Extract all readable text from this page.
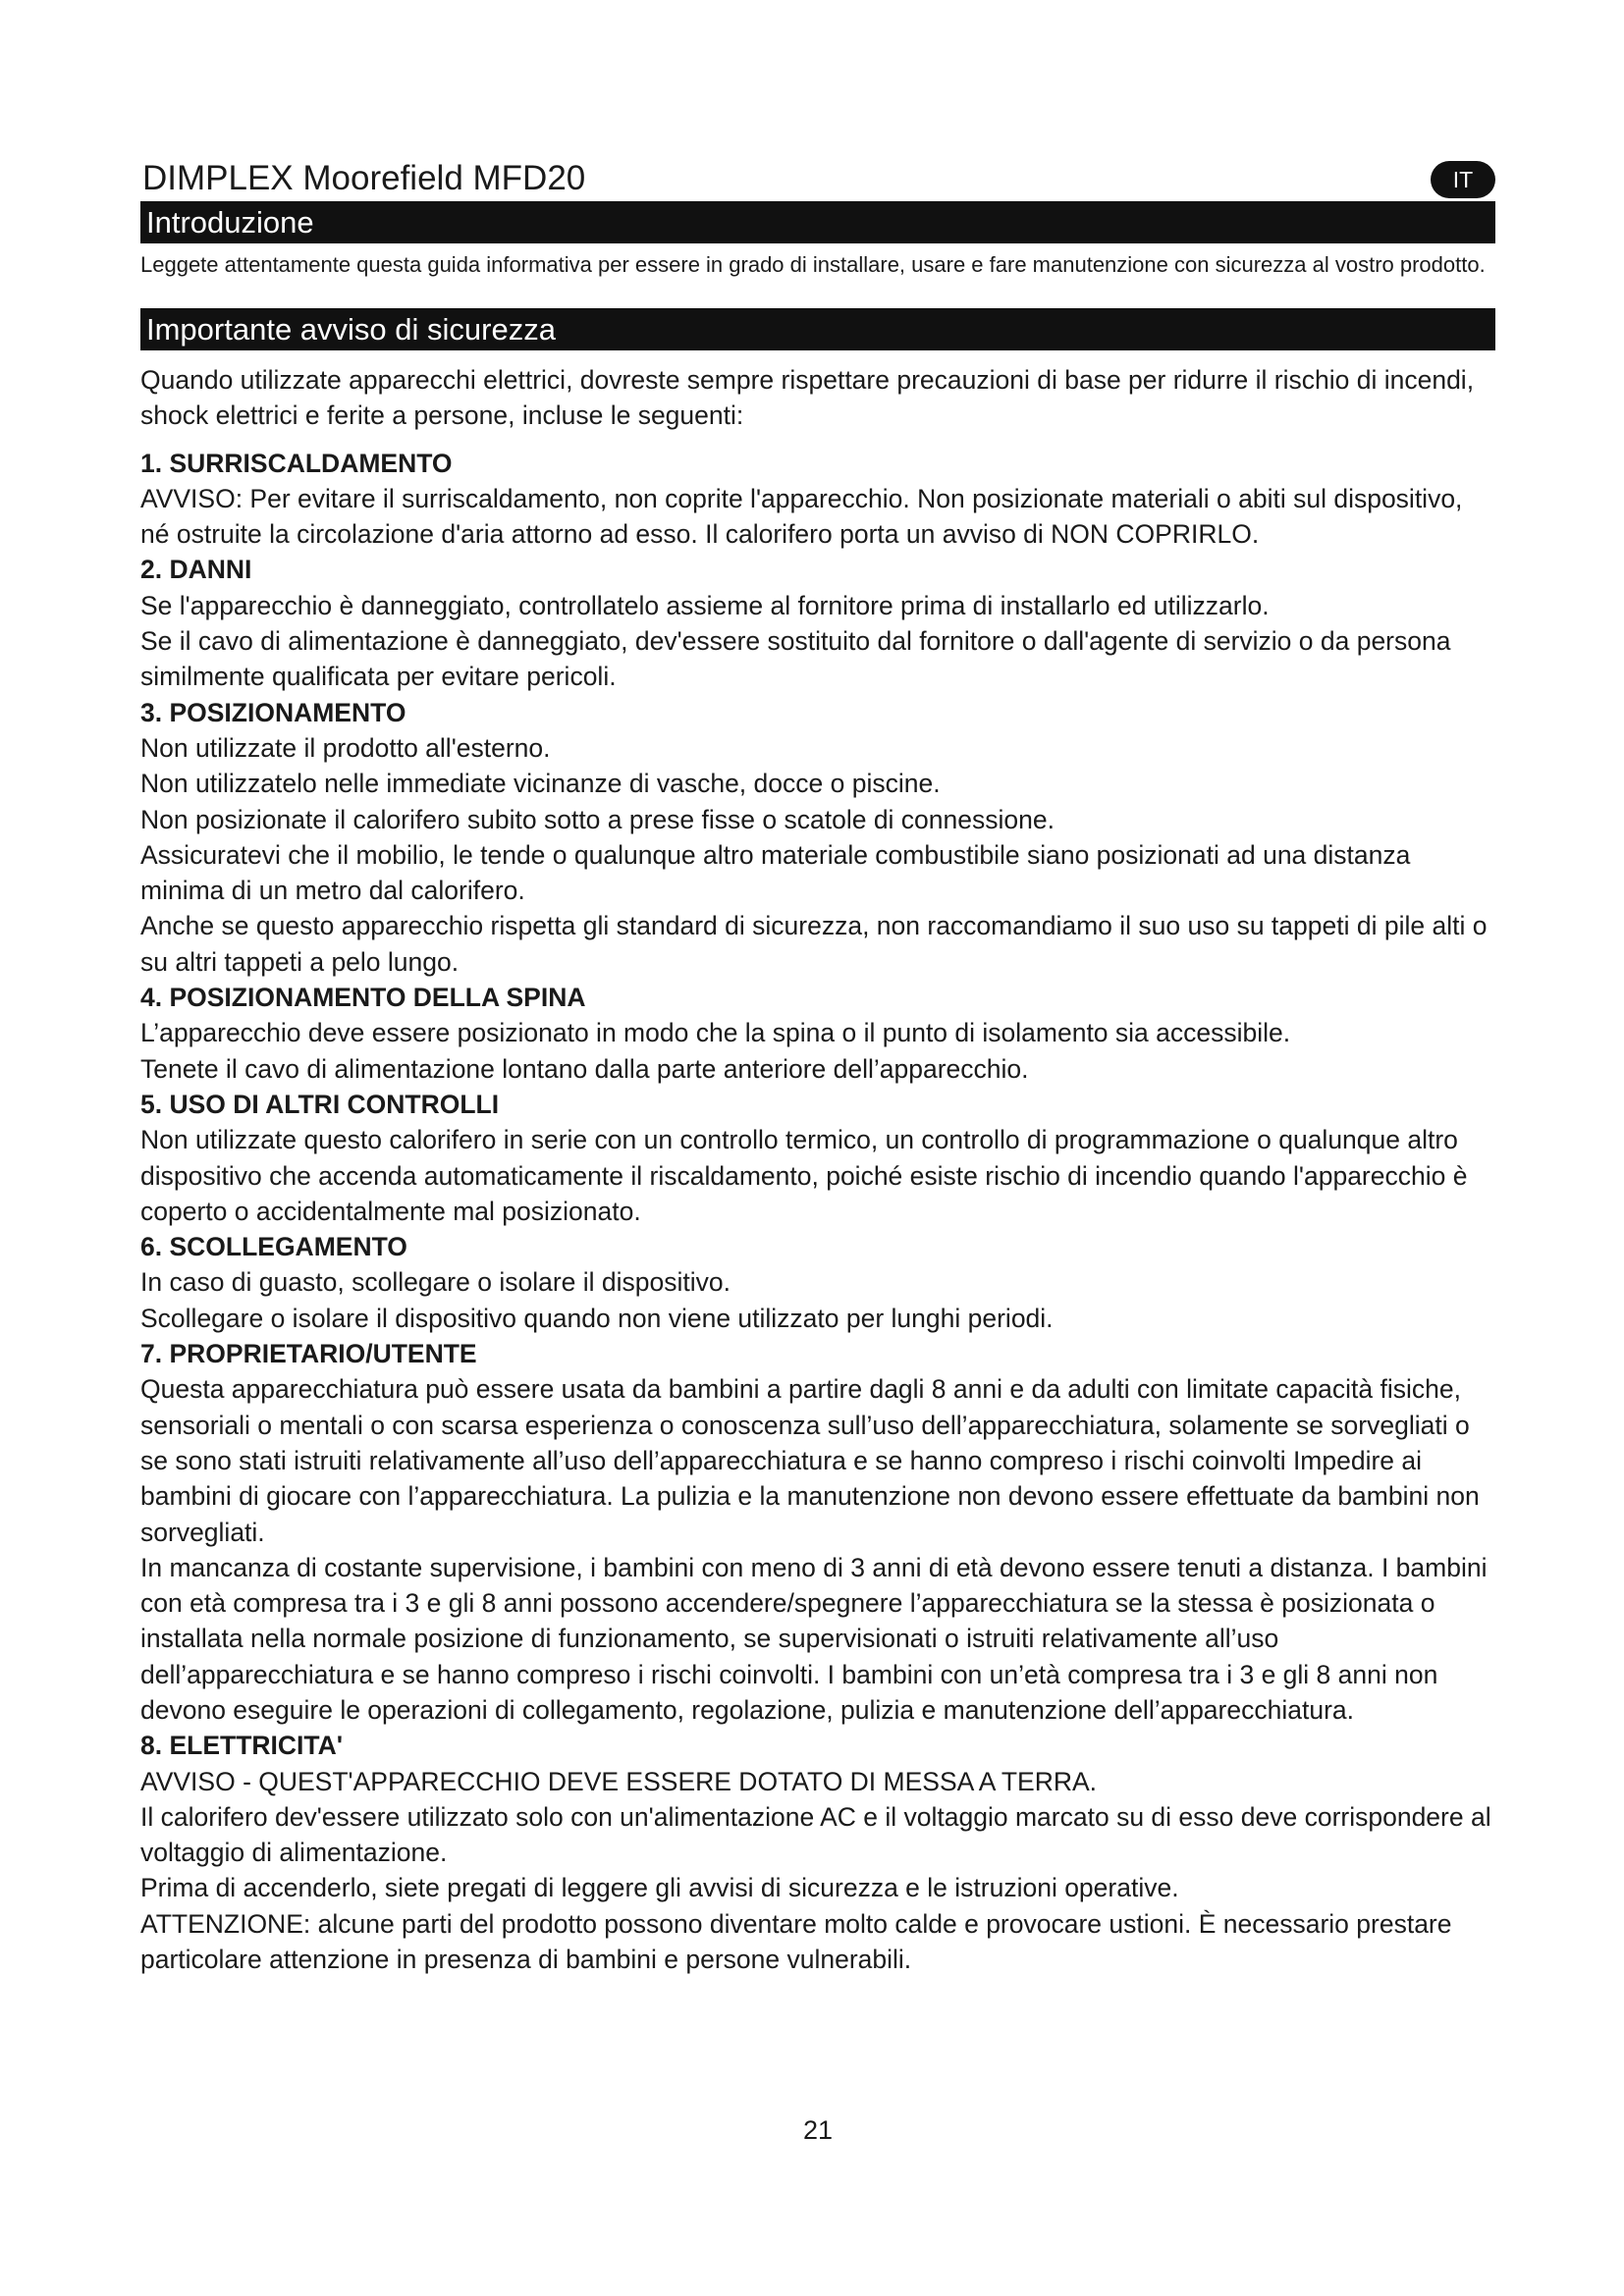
DIMPLEX Moorefield MFD20	IT
Introduzione
Leggete attentamente questa guida informativa per essere in grado di installare, usare e fare manutenzione con sicurezza al vostro prodotto.
Importante avviso di sicurezza

Quando utilizzate apparecchi elettrici, dovreste sempre rispettare precauzioni di base per ridurre il rischio di incendi, shock elettrici e ferite a persone, incluse le seguenti:

1. SURRISCALDAMENTO

AVVISO: Per evitare il surriscaldamento, non coprite l'apparecchio. Non posizionate materiali o abiti sul dispositivo, né ostruite la circolazione d'aria attorno ad esso. Il calorifero porta un avviso di NON COPRIRLO.

2. DANNI

Se l'apparecchio è danneggiato, controllatelo assieme al fornitore prima di installarlo ed utilizzarlo.

Se il cavo di alimentazione è danneggiato, dev'essere sostituito dal fornitore o dall'agente di servizio o da persona similmente qualificata per evitare pericoli.

3. POSIZIONAMENTO

Non utilizzate il prodotto all'esterno.

Non utilizzatelo nelle immediate vicinanze di vasche, docce o piscine.

Non posizionate il calorifero subito sotto a prese fisse o scatole di connessione.

Assicuratevi che il mobilio, le tende o qualunque altro materiale combustibile siano posizionati ad una distanza minima di un metro dal calorifero.

Anche se questo apparecchio rispetta gli standard di sicurezza, non raccomandiamo il suo uso su tappeti di pile alti o su altri tappeti a pelo lungo.

4. POSIZIONAMENTO DELLA SPINA

L’apparecchio deve essere posizionato in modo che la spina o il punto di isolamento sia accessibile.

Tenete il cavo di alimentazione lontano dalla parte anteriore dell’apparecchio.

5. USO DI ALTRI CONTROLLI

Non utilizzate questo calorifero in serie con un controllo termico, un controllo di programmazione o qualunque altro dispositivo che accenda automaticamente il riscaldamento, poiché esiste rischio di incendio quando l'apparecchio è coperto o accidentalmente mal posizionato.

6. SCOLLEGAMENTO

In caso di guasto, scollegare o isolare il dispositivo.

Scollegare o isolare il dispositivo quando non viene utilizzato per lunghi periodi.

7. PROPRIETARIO/UTENTE

Questa apparecchiatura può essere usata da bambini a partire dagli 8 anni e da adulti con limitate capacità fisiche, sensoriali o mentali o con scarsa esperienza o conoscenza sull’uso dell’apparecchiatura, solamente se sorvegliati o se sono stati istruiti relativamente all’uso dell’apparecchiatura e se hanno compreso i rischi coinvolti Impedire ai bambini di giocare con l’apparecchiatura. La pulizia e la manutenzione non devono essere effettuate da bambini non sorvegliati.

In mancanza di costante supervisione, i bambini con meno di 3 anni di età devono essere tenuti a distanza. I bambini con età compresa tra i 3 e gli 8 anni possono accendere/spegnere l’apparecchiatura se la stessa è posizionata o installata nella normale posizione di funzionamento, se supervisionati o istruiti relativamente all’uso dell’apparecchiatura e se hanno compreso i rischi coinvolti. I bambini con un’età compresa tra i 3 e gli 8 anni non devono eseguire le operazioni di collegamento, regolazione, pulizia e manutenzione dell’apparecchiatura.

8. ELETTRICITA'

AVVISO - QUEST'APPARECCHIO DEVE ESSERE DOTATO DI MESSA A TERRA.

Il calorifero dev'essere utilizzato solo con un'alimentazione AC e il voltaggio marcato su di esso deve corrispondere al voltaggio di alimentazione.

Prima di accenderlo, siete pregati di leggere gli avvisi di sicurezza e le istruzioni operative.

ATTENZIONE: alcune parti del prodotto possono diventare molto calde e provocare ustioni. È necessario prestare particolare attenzione in presenza di bambini e persone vulnerabili.

21
